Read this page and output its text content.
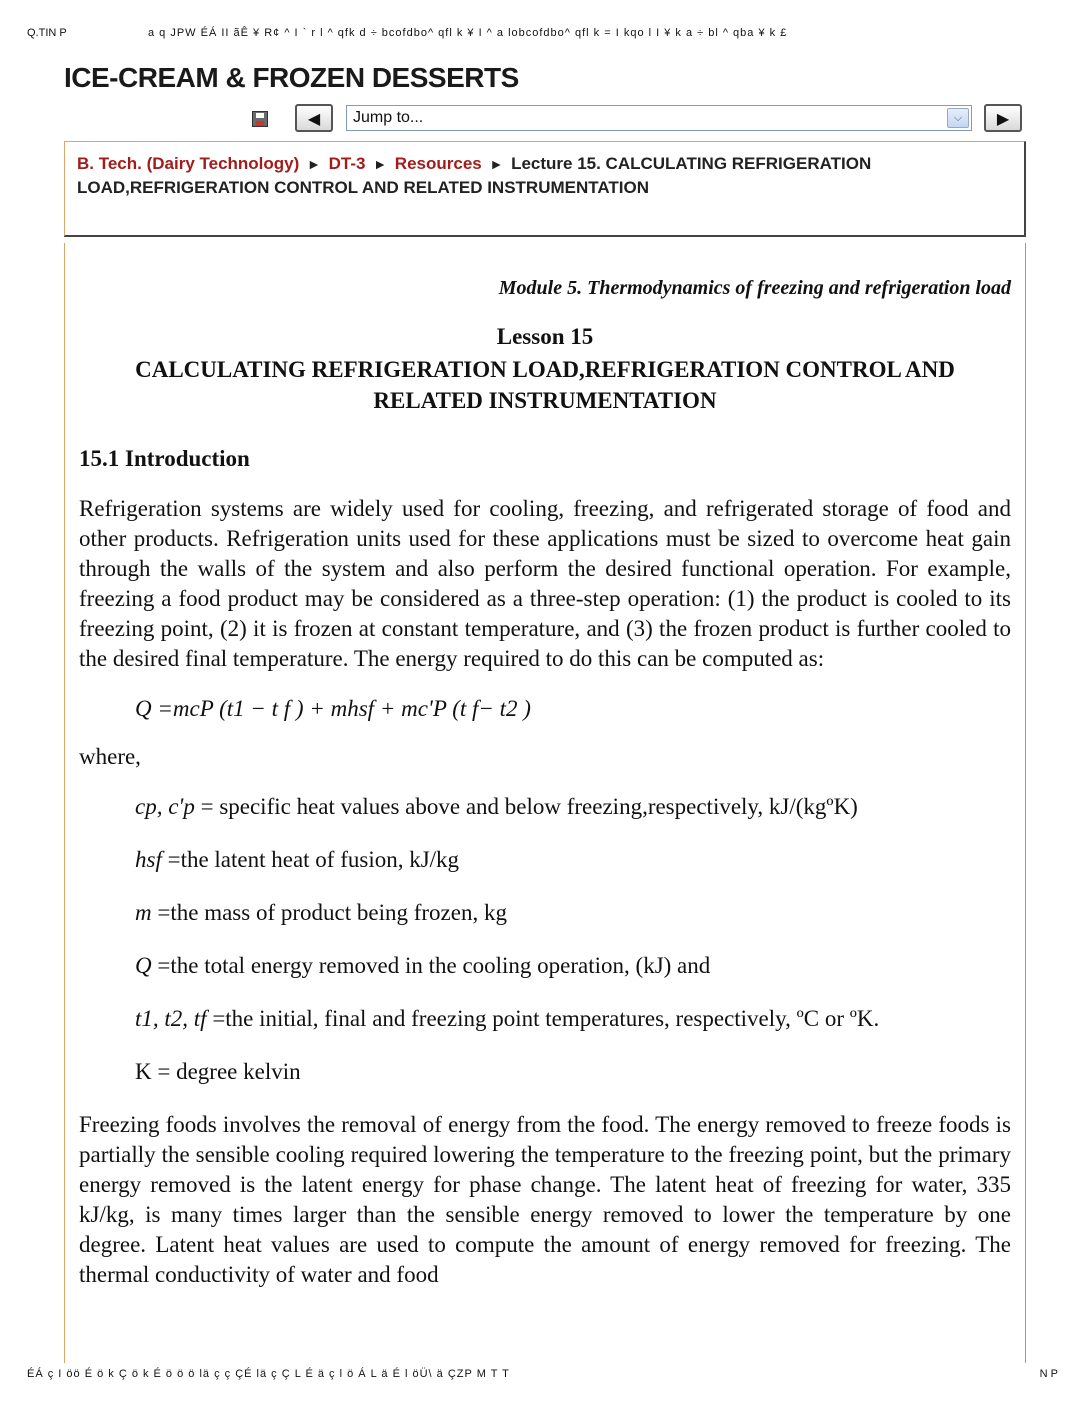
Q.TIN P	a q JPW ÉÁ II ãÊ ¥ R¢ ^ I ` r l ^ qfk d ÷ bcofdbo^ qfl k ¥ I ^ a lobcofdbo^ qfl k = I kqo l I ¥ k a ÷ bl ^ qba ¥ k £
ICE-CREAM & FROZEN DESSERTS
◀	Jump to...	⌵	▶
B. Tech. (Dairy Technology) ► DT-3 ► Resources ► Lecture 15. CALCULATING REFRIGERATION LOAD,REFRIGERATION CONTROL AND RELATED INSTRUMENTATION

Module 5. Thermodynamics of freezing and refrigeration load

Lesson 15

CALCULATING REFRIGERATION LOAD,REFRIGERATION CONTROL AND RELATED INSTRUMENTATION

15.1 Introduction

Refrigeration systems are widely used for cooling, freezing, and refrigerated storage of food and other products. Refrigeration units used for these applications must be sized to overcome heat gain through the walls of the system and also perform the desired functional operation. For example, freezing a food product may be considered as a three-step operation: (1) the product is cooled to its freezing point, (2) it is frozen at constant temperature, and (3) the frozen product is further cooled to the desired final temperature. The energy required to do this can be computed as:

Q =mcP (t1 − t f ) + mhsf + mc'P (t f− t2 )

where,

cp, c'p = specific heat values above and below freezing,respectively, kJ/(kgºK)

hsf =the latent heat of fusion, kJ/kg

m =the mass of product being frozen, kg

Q =the total energy removed in the cooling operation, (kJ) and

t1, t2, tf =the initial, final and freezing point temperatures, respectively, ºC or ºK.

K = degree kelvin

Freezing foods involves the removal of energy from the food. The energy removed to freeze foods is partially the sensible cooling required lowering the temperature to the freezing point, but the primary energy removed is the latent energy for phase change. The latent heat of freezing for water, 335 kJ/kg, is many times larger than the sensible energy removed to lower the temperature by one degree. Latent heat values are used to compute the amount of energy removed for freezing. The thermal conductivity of water and food

ÉÁ ç I öö É ö k Ç ö k É ö ö ö lä ç ç ÇÉ lä ç Ç L É ä ç l ö Á L ä É l öÜ\ ä ÇZP M T T	N P
